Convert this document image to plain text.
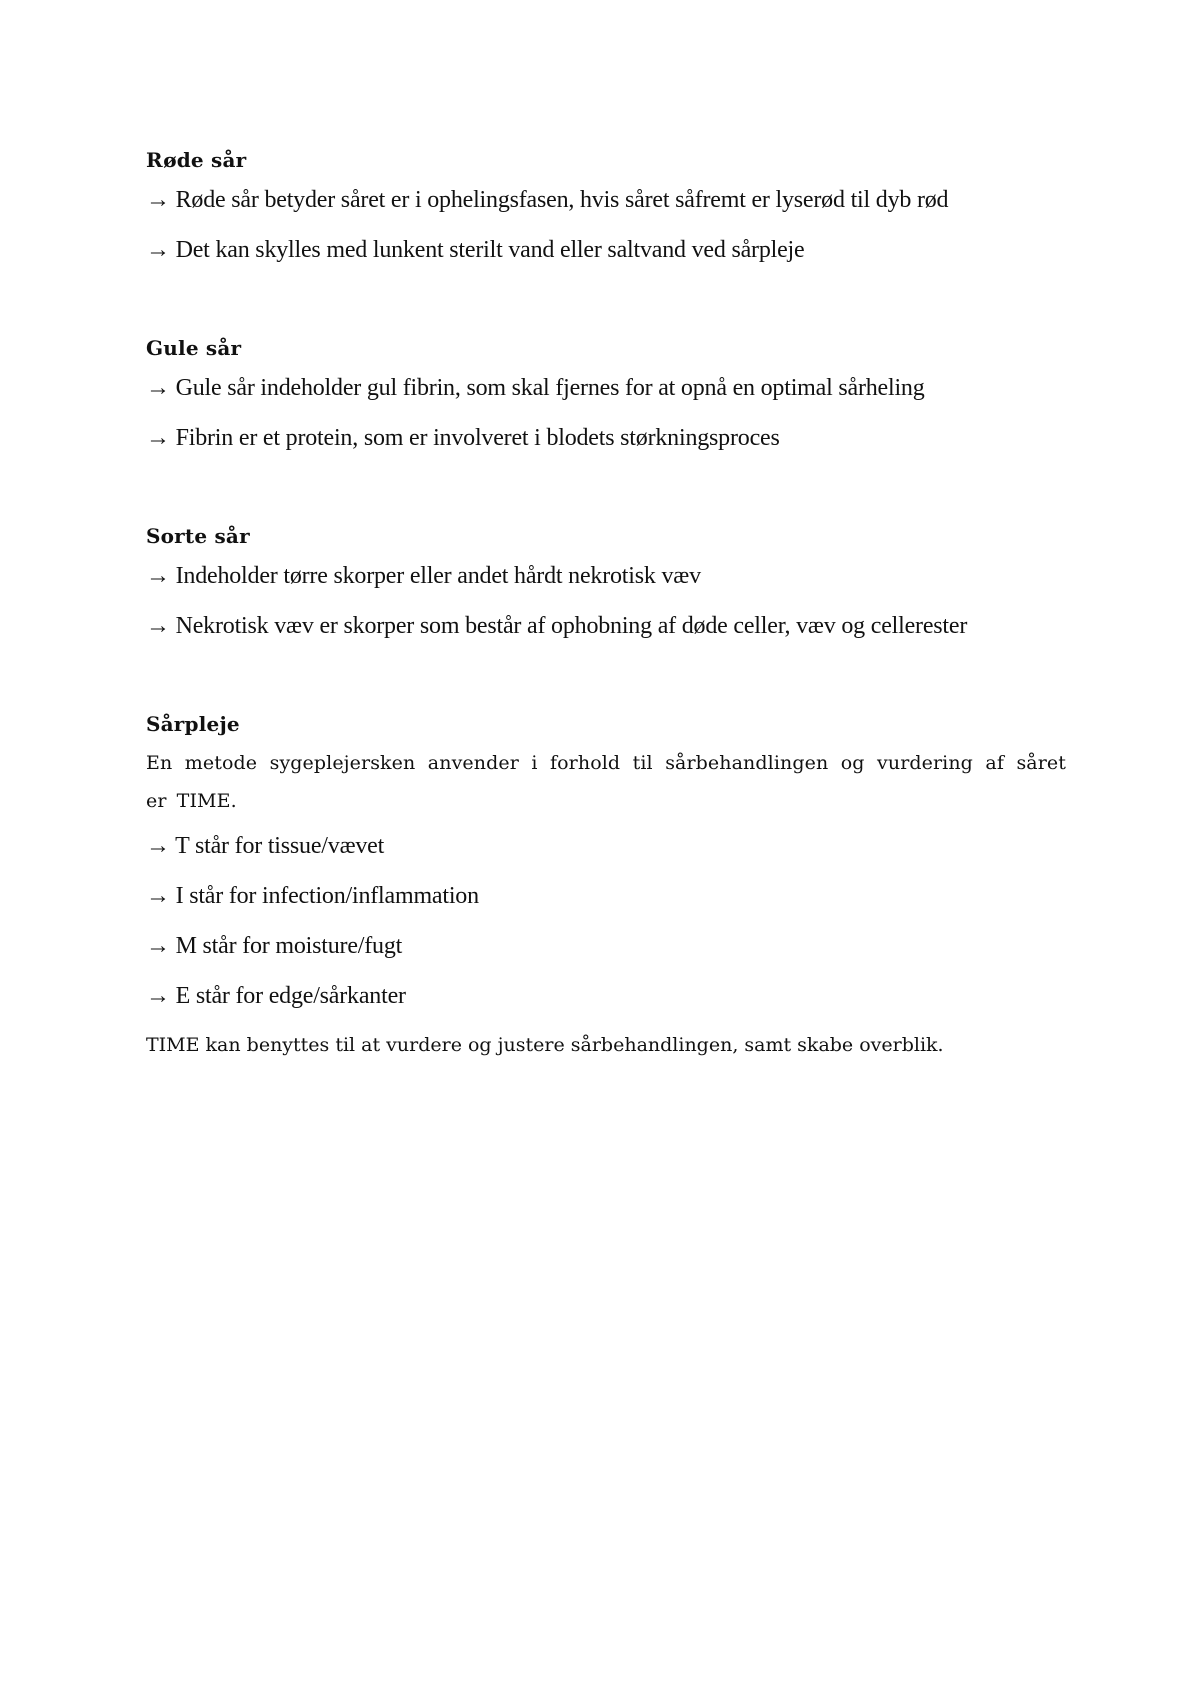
Røde sår

→ Røde sår betyder såret er i ophelingsfasen, hvis såret såfremt er lyserød til dyb rød

→ Det kan skylles med lunkent sterilt vand eller saltvand ved sårpleje

Gule sår

→ Gule sår indeholder gul fibrin, som skal fjernes for at opnå en optimal sårheling

→ Fibrin er et protein, som er involveret i blodets størkningsproces

Sorte sår

→ Indeholder tørre skorper eller andet hårdt nekrotisk væv

→ Nekrotisk væv er skorper som består af ophobning af døde celler, væv og cellerester

Sårpleje

En metode sygeplejersken anvender i forhold til sårbehandlingen og vurdering af såret er TIME.

→ T står for tissue/vævet

→ I står for infection/inflammation

→ M står for moisture/fugt

→ E står for edge/sårkanter

TIME kan benyttes til at vurdere og justere sårbehandlingen, samt skabe overblik.
